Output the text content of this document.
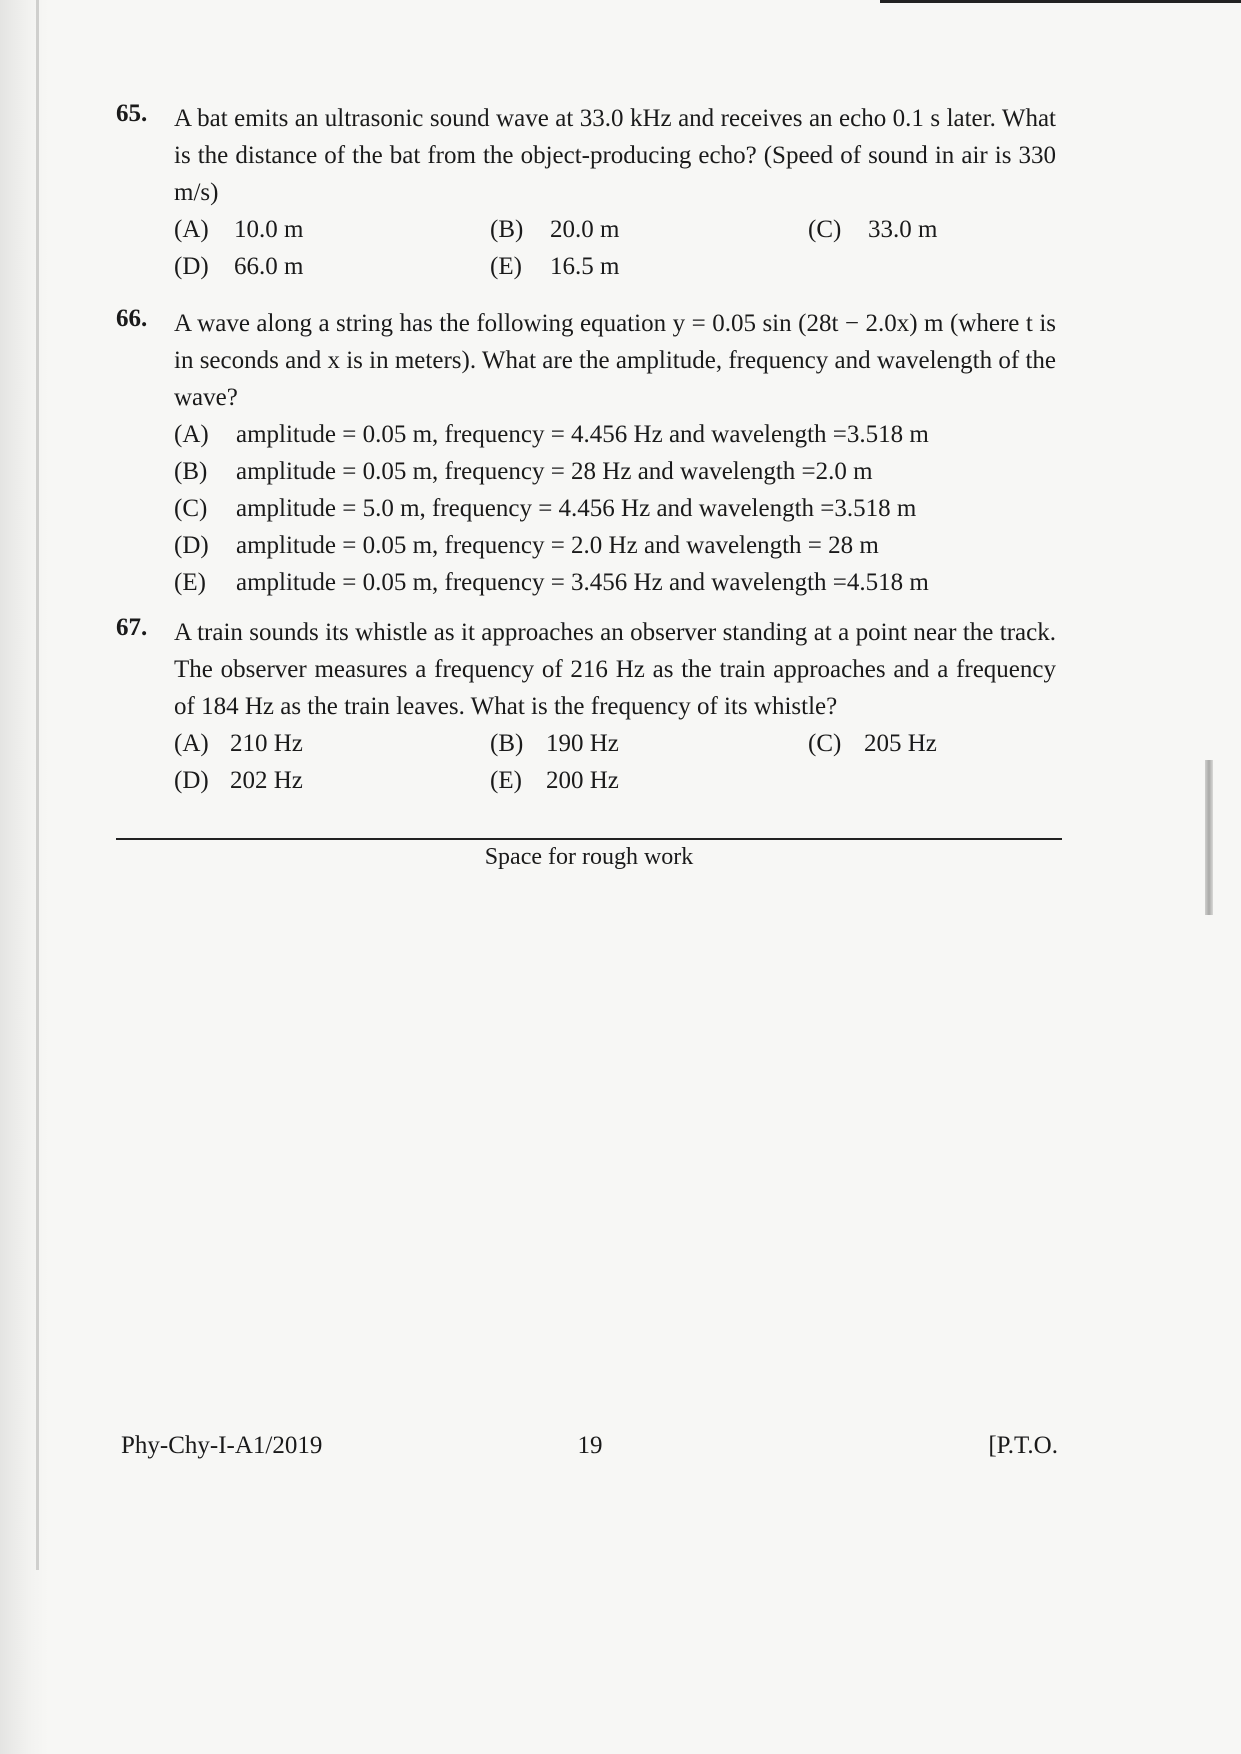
65. A bat emits an ultrasonic sound wave at 33.0 kHz and receives an echo 0.1 s later. What is the distance of the bat from the object-producing echo? (Speed of sound in air is 330 m/s)
(A) 10.0 m	(B) 20.0 m	(C) 33.0 m
(D) 66.0 m	(E) 16.5 m
66. A wave along a string has the following equation y = 0.05 sin (28t − 2.0x) m (where t is in seconds and x is in meters). What are the amplitude, frequency and wavelength of the wave?
(A) amplitude = 0.05 m, frequency = 4.456 Hz and wavelength =3.518 m
(B) amplitude = 0.05 m, frequency = 28 Hz and wavelength =2.0 m
(C) amplitude = 5.0 m, frequency = 4.456 Hz and wavelength =3.518 m
(D) amplitude = 0.05 m, frequency = 2.0 Hz and wavelength = 28 m
(E) amplitude = 0.05 m, frequency = 3.456 Hz and wavelength =4.518 m
67. A train sounds its whistle as it approaches an observer standing at a point near the track. The observer measures a frequency of 216 Hz as the train approaches and a frequency of 184 Hz as the train leaves. What is the frequency of its whistle?
(A) 210 Hz	(B) 190 Hz	(C) 205 Hz
(D) 202 Hz	(E) 200 Hz
Space for rough work
Phy-Chy-I-A1/2019	19	[P.T.O.
